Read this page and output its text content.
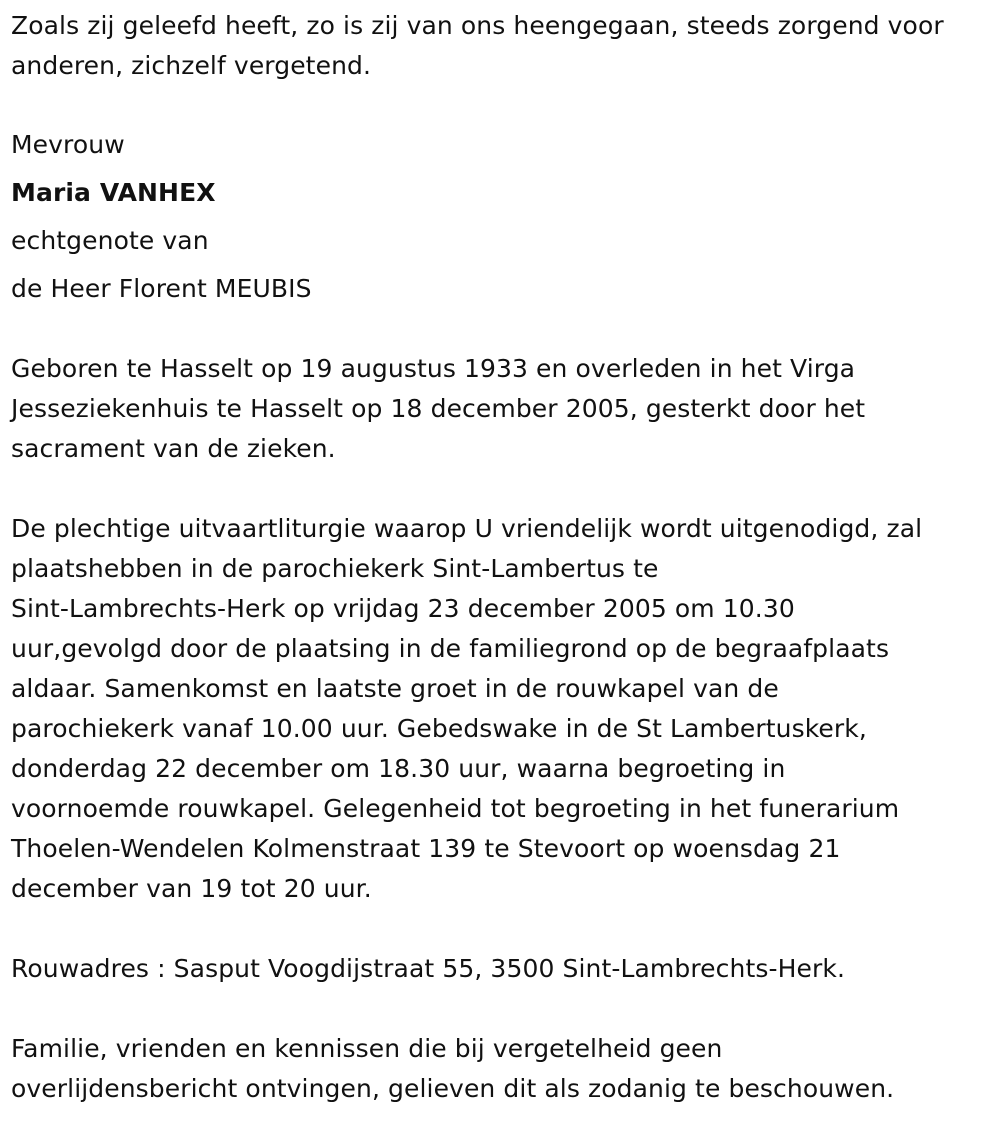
Zoals zij geleefd heeft, zo is zij van ons heengegaan, steeds zorgend voor
anderen, zichzelf vergetend.
Mevrouw
Maria VANHEX
echtgenote van
de Heer Florent MEUBIS
Geboren te Hasselt op 19 augustus 1933 en overleden in het Virga
Jesseziekenhuis te Hasselt op 18 december 2005, gesterkt door het
sacrament van de zieken.
De plechtige uitvaartliturgie waarop U vriendelijk wordt uitgenodigd, zal
plaatshebben in de parochiekerk Sint-Lambertus te
Sint-Lambrechts-Herk op vrijdag 23 december 2005 om 10.30
uur,gevolgd door de plaatsing in de familiegrond op de begraafplaats
aldaar. Samenkomst en laatste groet in de rouwkapel van de
parochiekerk vanaf 10.00 uur. Gebedswake in de St Lambertuskerk,
donderdag 22 december om 18.30 uur, waarna begroeting in
voornoemde rouwkapel. Gelegenheid tot begroeting in het funerarium
Thoelen-Wendelen Kolmenstraat 139 te Stevoort op woensdag 21
december van 19 tot 20 uur.
Rouwadres : Sasput Voogdijstraat 55, 3500 Sint-Lambrechts-Herk.
Familie, vrienden en kennissen die bij vergetelheid geen
overlijdensbericht ontvingen, gelieven dit als zodanig te beschouwen.
